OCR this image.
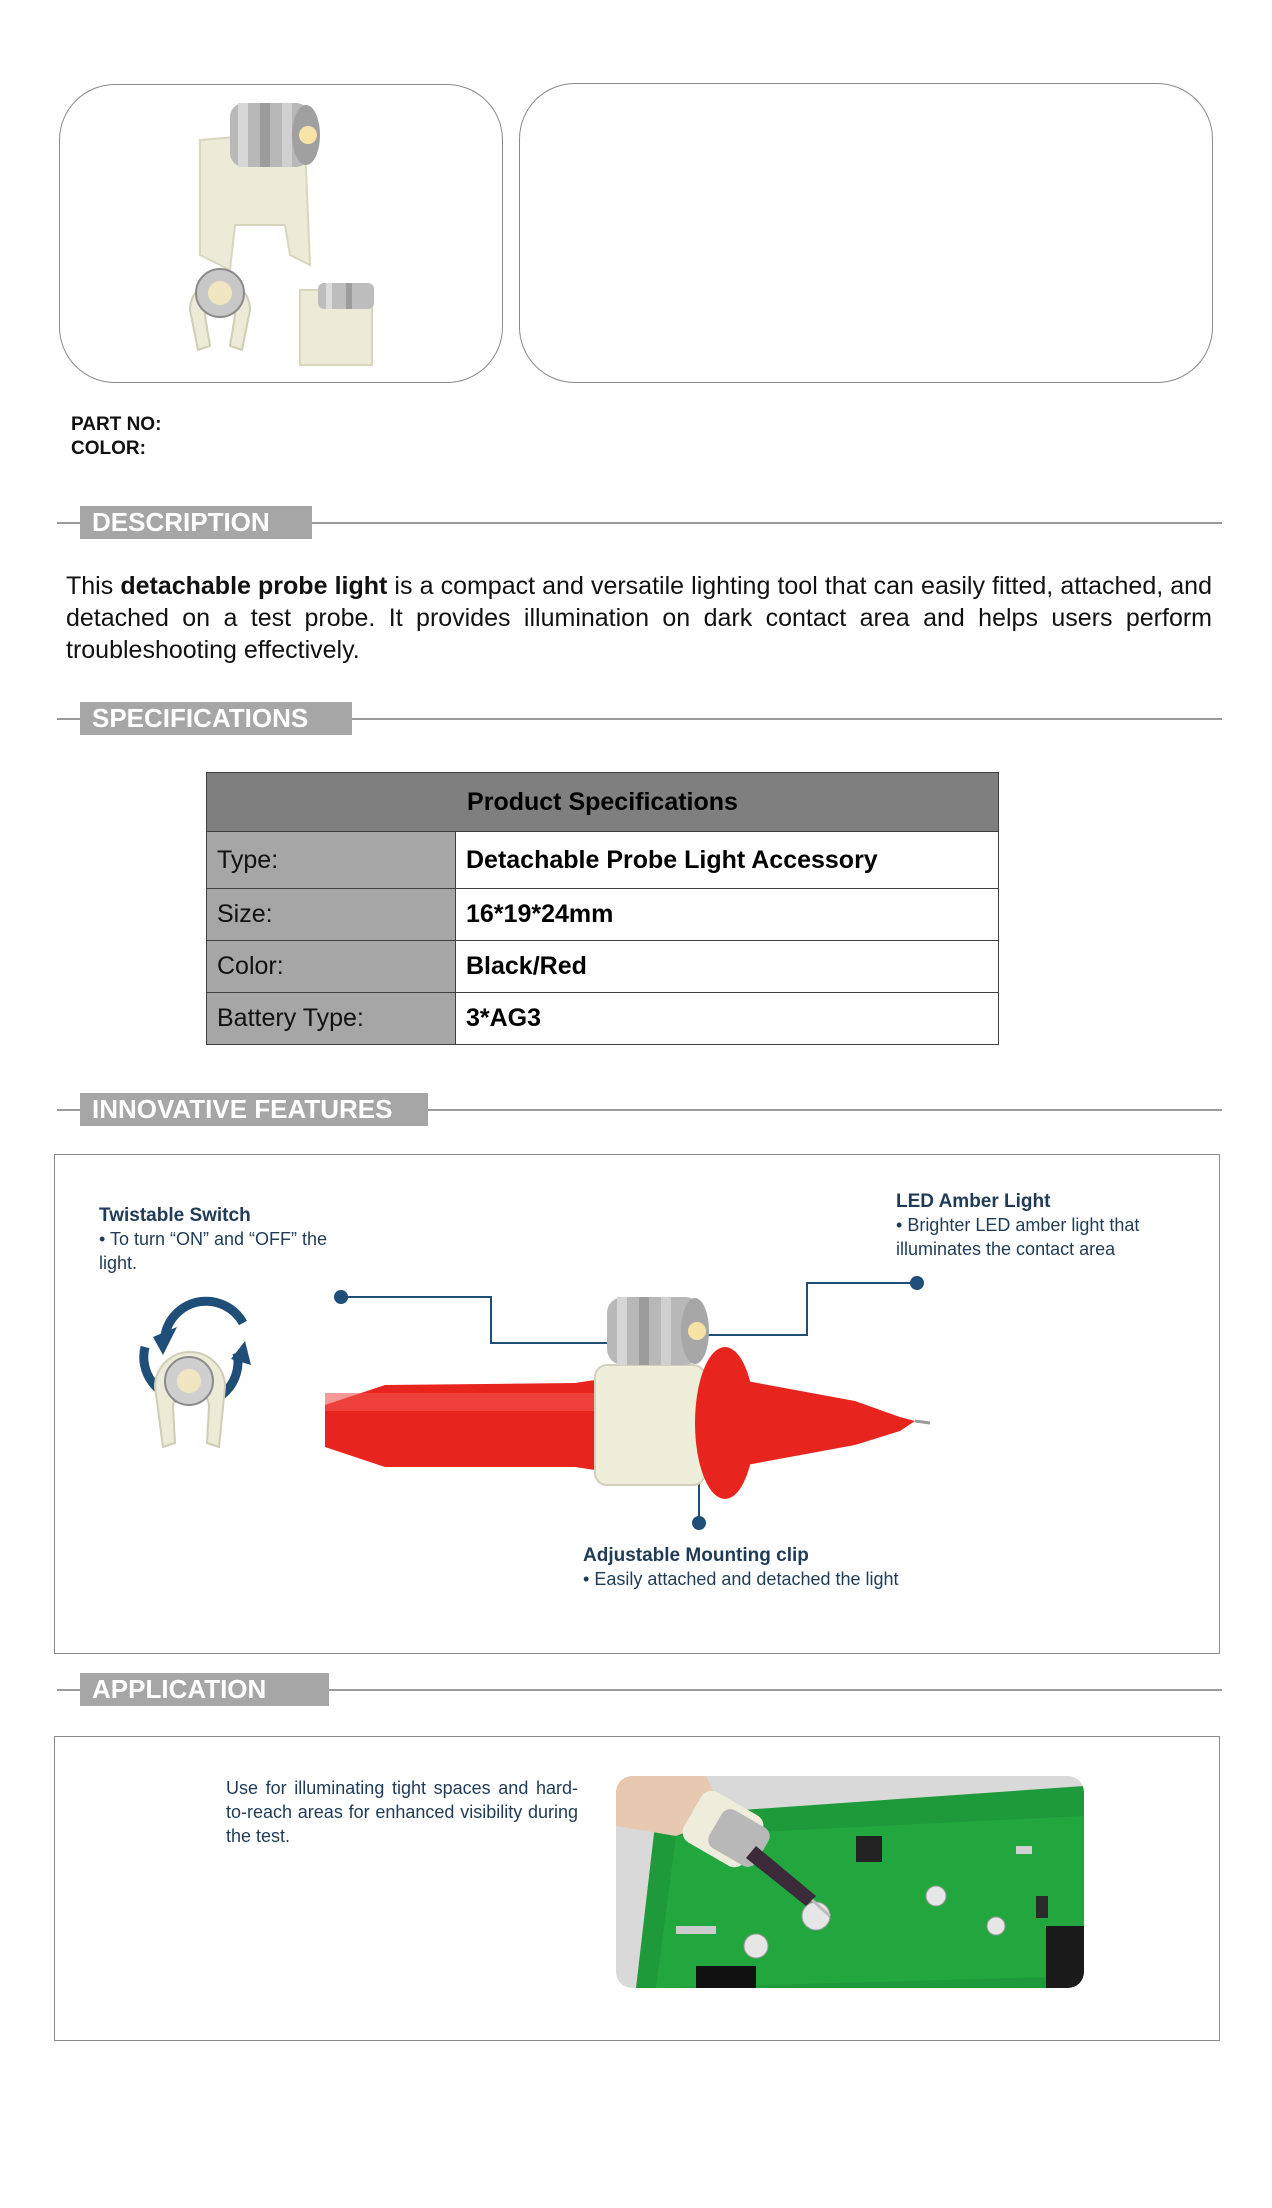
PART NO:
COLOR:
DESCRIPTION
This detachable probe light is a compact and versatile lighting tool that can easily fitted, attached, and detached on a test probe. It provides illumination on dark contact area and helps users perform troubleshooting effectively.
SPECIFICATIONS
Product Specifications	
Type:	Detachable Probe Light Accessory
Size:	16*19*24mm
Color:	Black/Red
Battery Type:	3*AG3
INNOVATIVE FEATURES
Twistable Switch
• To turn “ON” and “OFF” the light.
LED Amber Light
• Brighter LED amber light that illuminates the contact area
Adjustable Mounting clip
• Easily attached and detached the light
APPLICATION
Use for illuminating tight spaces and hard-to-reach areas for enhanced visibility during the test.
